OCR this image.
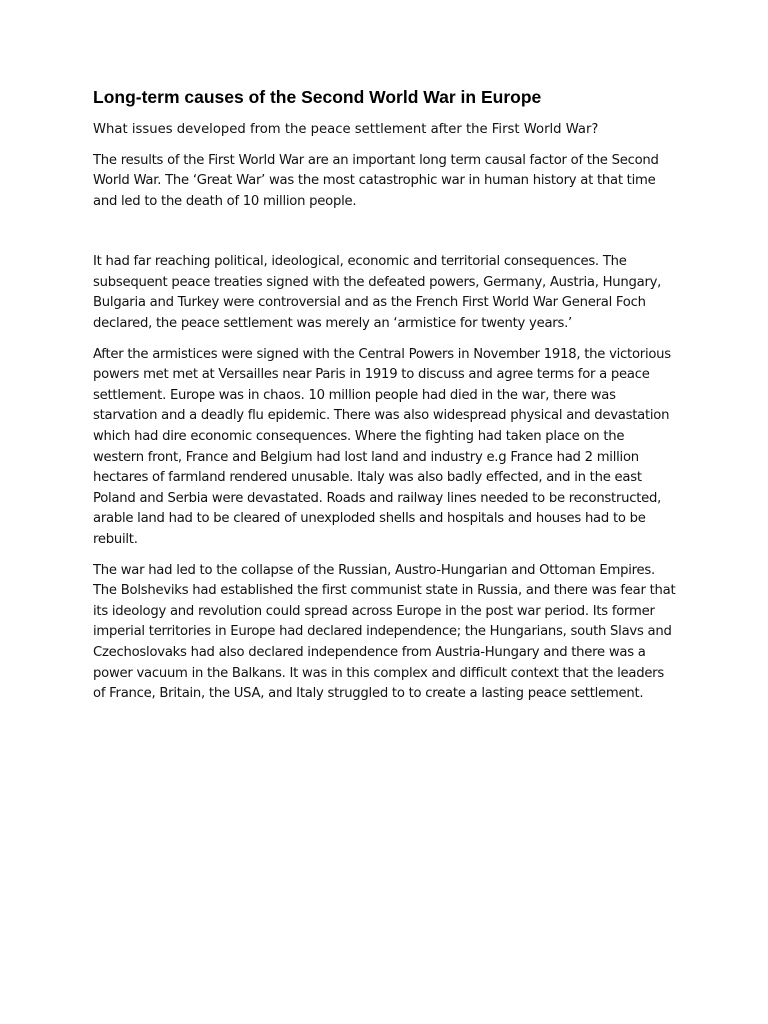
Long-term causes of the Second World War in Europe

What issues developed from the peace settlement after the First World War?

The results of the First World War are an important long term causal factor of the Second World War. The ‘Great War’ was the most catastrophic war in human history at that time and led to the death of 10 million people.

It had far reaching political, ideological, economic and territorial consequences. The subsequent peace treaties signed with the defeated powers, Germany, Austria, Hungary, Bulgaria and Turkey were controversial and as the French First World War General Foch declared, the peace settlement was merely an ‘armistice for twenty years.’

After the armistices were signed with the Central Powers in November 1918, the victorious powers met met at Versailles near Paris in 1919 to discuss and agree terms for a peace settlement. Europe was in chaos. 10 million people had died in the war, there was starvation and a deadly flu epidemic. There was also widespread physical and devastation which had dire economic consequences. Where the fighting had taken place on the western front, France and Belgium had lost land and industry e.g France had 2 million hectares of farmland rendered unusable. Italy was also badly effected, and in the east Poland and Serbia were devastated. Roads and railway lines needed to be reconstructed, arable land had to be cleared of unexploded shells and hospitals and houses had to be rebuilt.

The war had led to the collapse of the Russian, Austro-Hungarian and Ottoman Empires. The Bolsheviks had established the first communist state in Russia, and there was fear that its ideology and revolution could spread across Europe in the post war period. Its former imperial territories in Europe had declared independence; the Hungarians, south Slavs and Czechoslovaks had also declared independence from Austria-Hungary and there was a power vacuum in the Balkans. It was in this complex and difficult context that the leaders of France, Britain, the USA, and Italy struggled to to create a lasting peace settlement.
